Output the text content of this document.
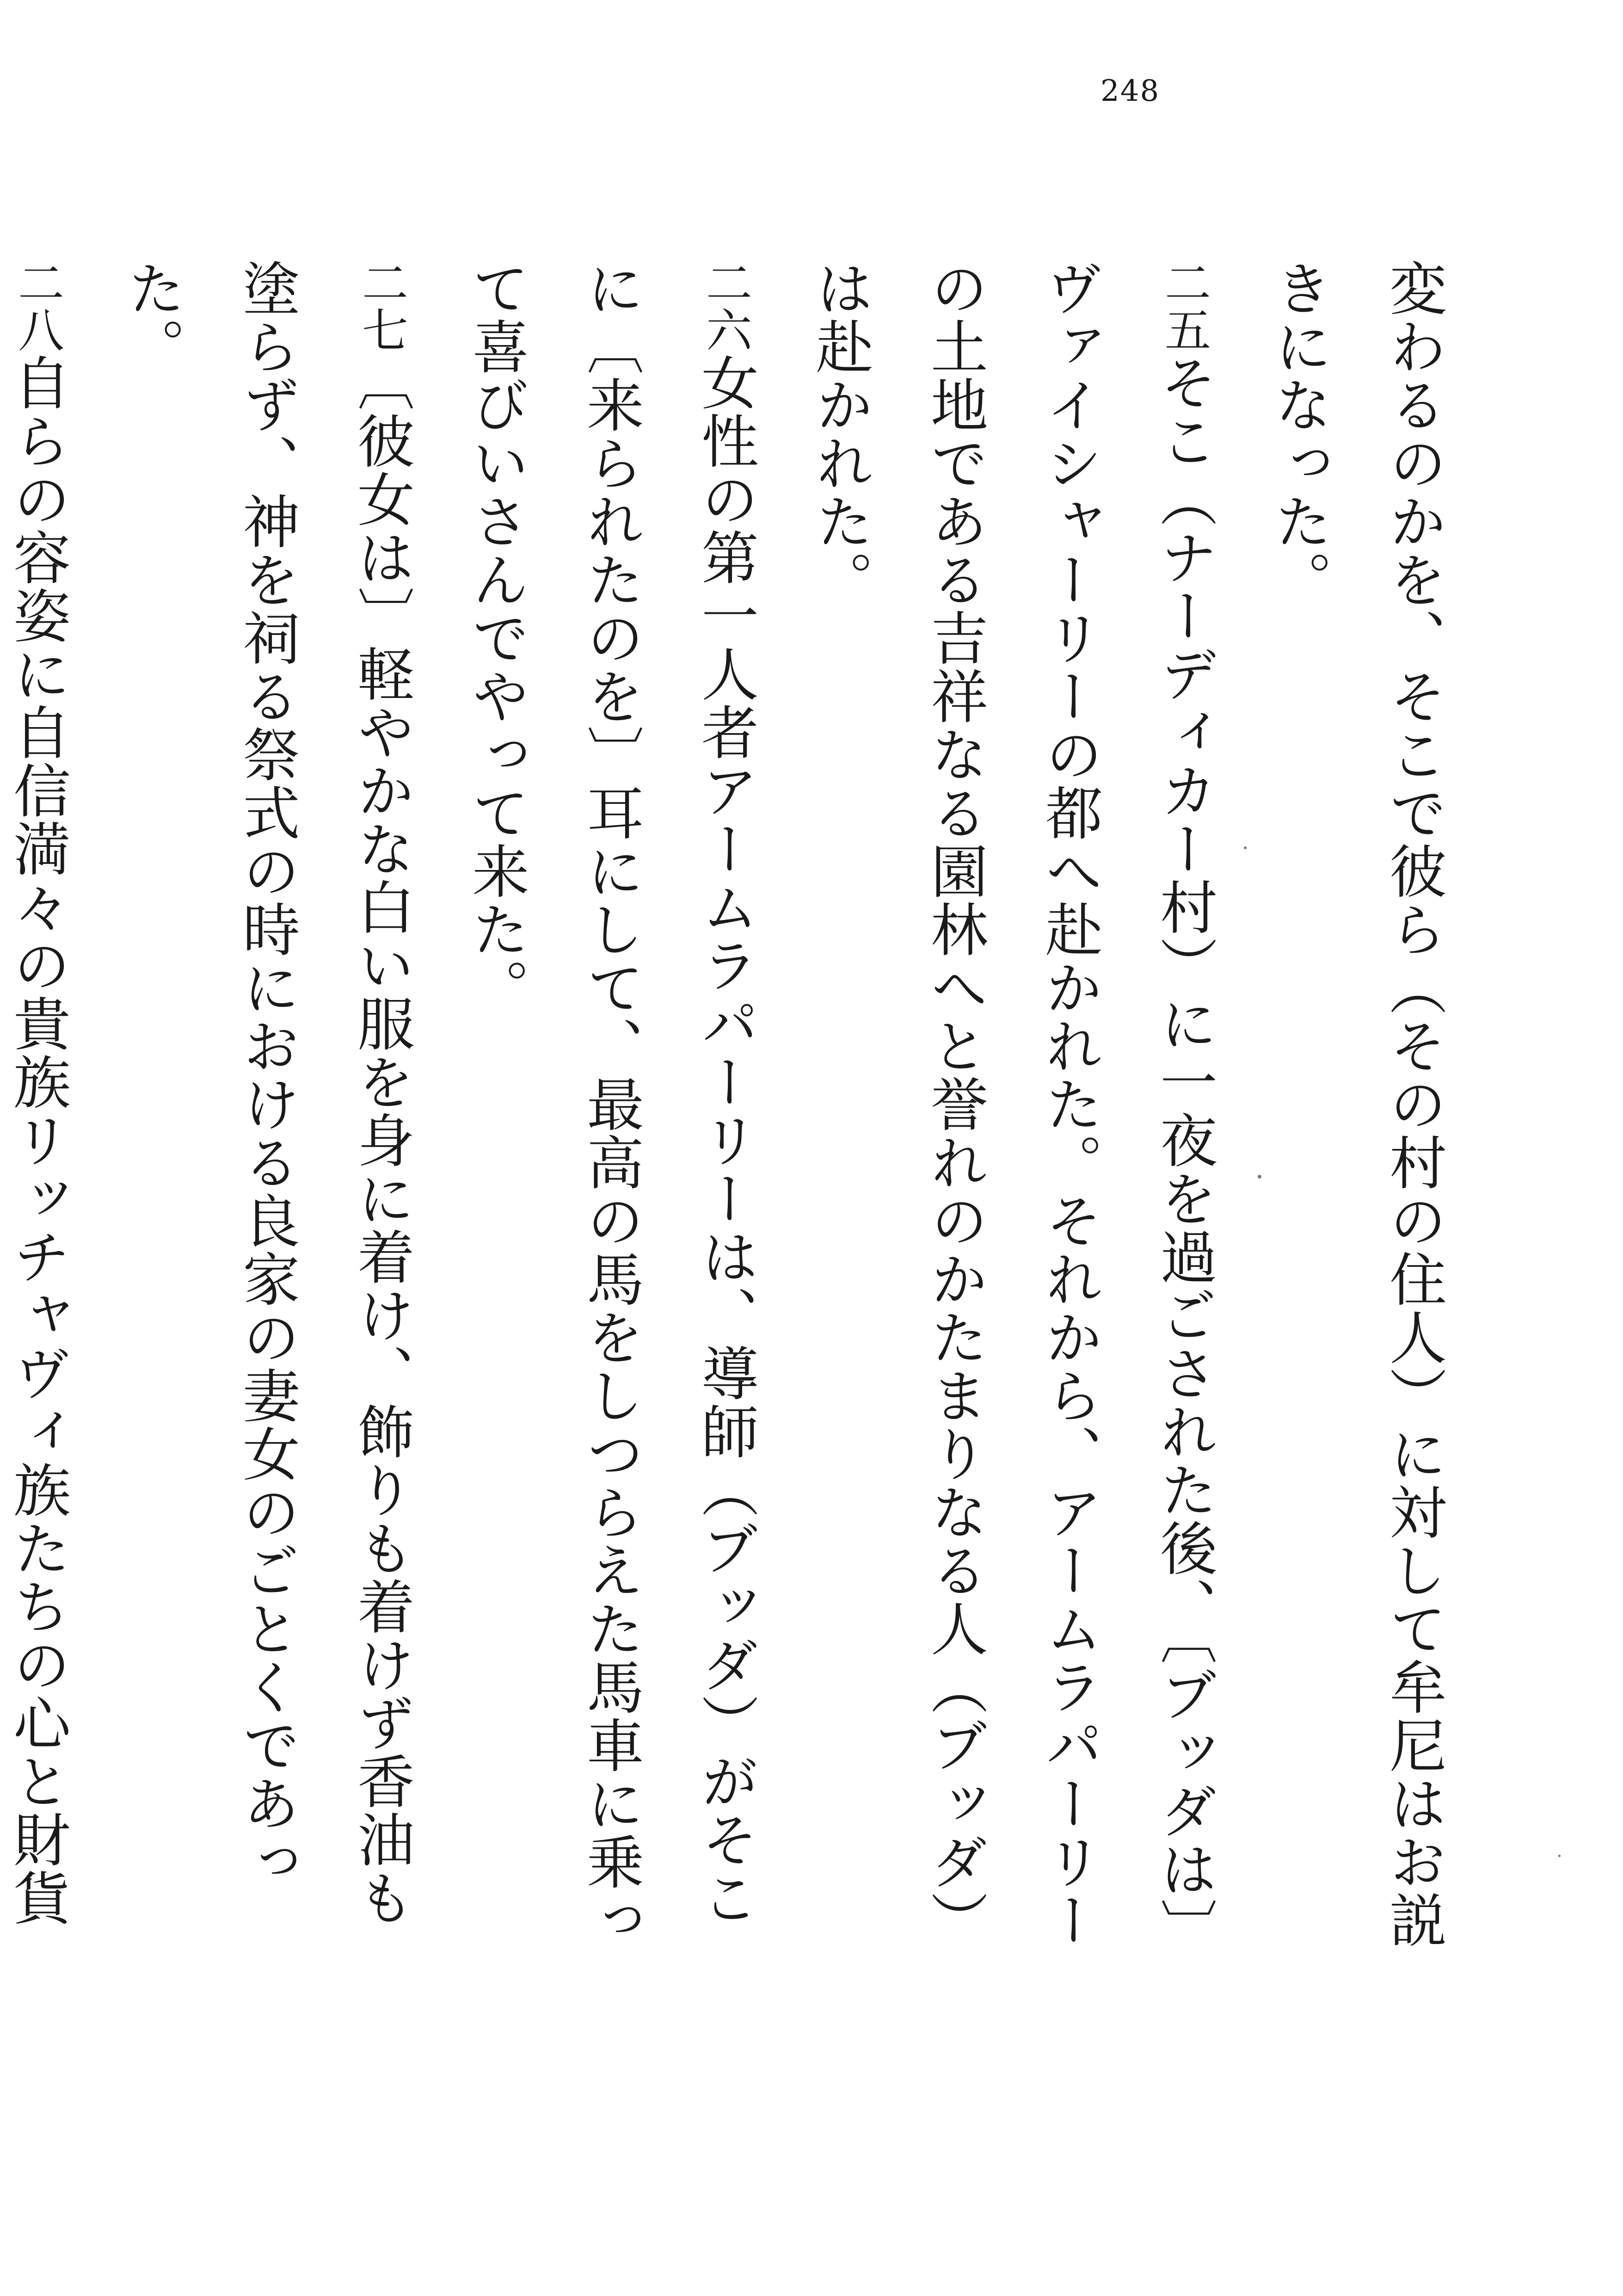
248

変わるのかを、そこで彼ら（その村の住人）に対して牟尼はお説きになった。

二五そこ（ナーディカー村）に一夜を過ごされた後、〔ブッダは〕ヴァイシャーリーの都へ赴かれた。それから、アームラパーリーの土地である吉祥なる園林へと誉れのかたまりなる人（ブッダ）は赴かれた。

二六女性の第一人者アームラパーリーは、導師（ブッダ）がそこに〔来られたのを〕耳にして、最高の馬をしつらえた馬車に乗って喜びいさんでやって来た。

二七〔彼女は〕軽やかな白い服を身に着け、飾りも着けず香油も塗らず、神を祠る祭式の時における良家の妻女のごとくであった。

二八自らの容姿に自信満々の貴族リッチャヴィ族たちの心と財貨
